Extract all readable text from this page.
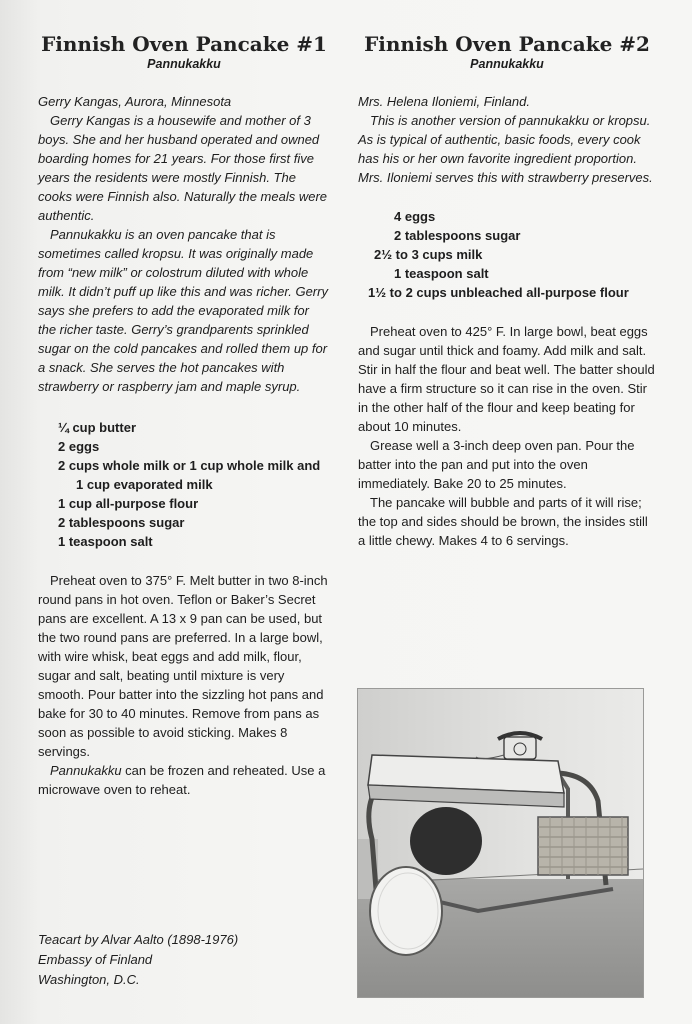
Finnish Oven Pancake #1
Pannukakku

Gerry Kangas, Aurora, Minnesota

Gerry Kangas is a housewife and mother of 3 boys. She and her husband operated and owned boarding homes for 21 years. For those first five years the residents were mostly Finnish. The cooks were Finnish also. Naturally the meals were authentic.

Pannukakku is an oven pancake that is sometimes called kropsu. It was originally made from “new milk” or colostrum diluted with whole milk. It didn’t puff up like this and was richer. Gerry says she prefers to add the evaporated milk for the richer taste. Gerry’s grandparents sprinkled sugar on the cold pancakes and rolled them up for a snack. She serves the hot pancakes with strawberry or raspberry jam and maple syrup.

¼ cup butter
2 eggs
2 cups whole milk or 1 cup whole milk and 1 cup evaporated milk
1 cup all-purpose flour
2 tablespoons sugar
1 teaspoon salt

Preheat oven to 375° F. Melt butter in two 8-inch round pans in hot oven. Teflon or Baker’s Secret pans are excellent. A 13 x 9 pan can be used, but the two round pans are preferred. In a large bowl, with wire whisk, beat eggs and add milk, flour, sugar and salt, beating until mixture is very smooth. Pour batter into the sizzling hot pans and bake for 30 to 40 minutes. Remove from pans as soon as possible to avoid sticking. Makes 8 servings.

Pannukakku can be frozen and reheated. Use a microwave oven to reheat.

Finnish Oven Pancake #2
Pannukakku

Mrs. Helena Iloniemi, Finland.

This is another version of pannukakku or kropsu. As is typical of authentic, basic foods, every cook has his or her own favorite ingredient proportion. Mrs. Iloniemi serves this with strawberry preserves.

4 eggs
2 tablespoons sugar
2½ to 3 cups milk
1 teaspoon salt
1½ to 2 cups unbleached all-purpose flour

Preheat oven to 425° F. In large bowl, beat eggs and sugar until thick and foamy. Add milk and salt. Stir in half the flour and beat well. The batter should have a firm structure so it can rise in the oven. Stir in the other half of the flour and keep beating for about 10 minutes.

Grease well a 3-inch deep oven pan. Pour the batter into the pan and put into the oven immediately. Bake 20 to 25 minutes.

The pancake will bubble and parts of it will rise; the top and sides should be brown, the insides still a little chewy. Makes 4 to 6 servings.

Teacart by Alvar Aalto (1898-1976)
Embassy of Finland
Washington, D.C.
